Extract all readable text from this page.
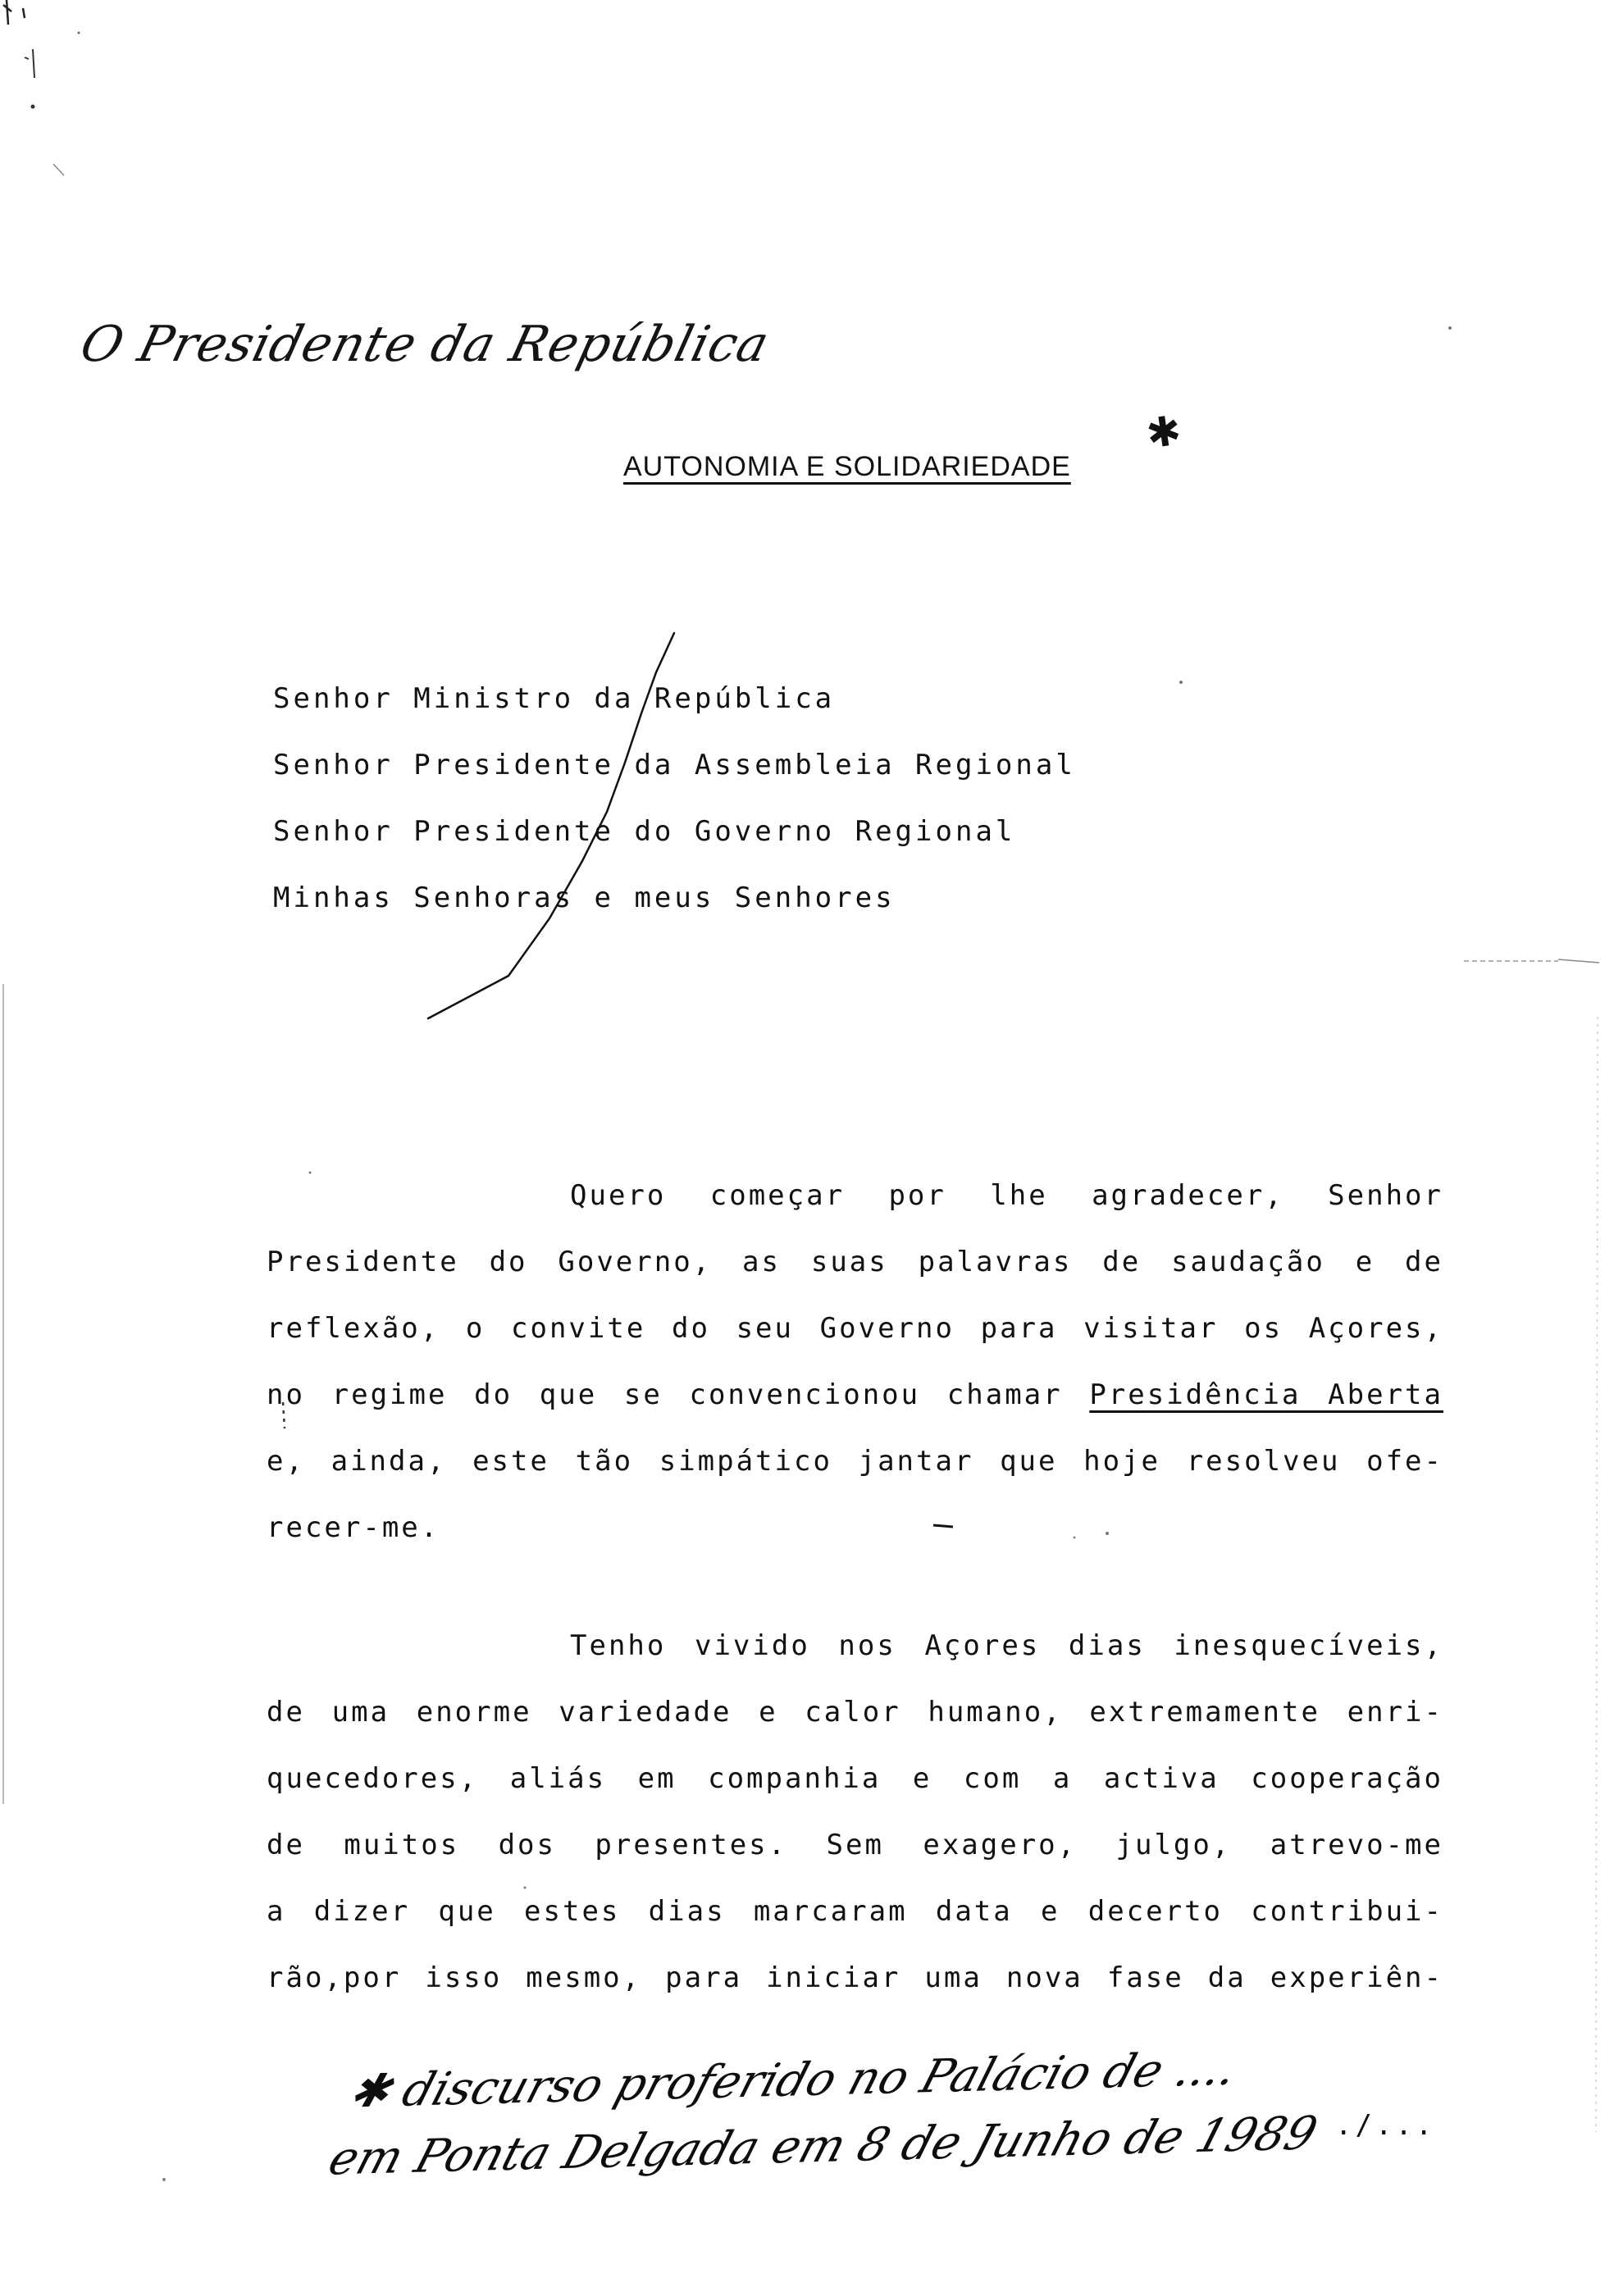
O Presidente da República
AUTONOMIA E SOLIDARIEDADE
✱
Senhor Ministro da República
Senhor Presidente da Assembleia Regional
Senhor Presidente do Governo Regional
Minhas Senhoras e meus Senhores
Quero começar por lhe agradecer, Senhor
Presidente do Governo, as suas palavras de saudação e de
reflexão, o convite do seu Governo para visitar os Açores,
no regime do que se convencionou chamar Presidência Aberta
e, ainda, este tão simpático jantar que hoje resolveu ofe-
recer-me.
Tenho vivido nos Açores dias inesquecíveis,
de uma enorme variedade e calor humano, extremamente enri-
quecedores, aliás em companhia e com a activa cooperação
de muitos dos presentes. Sem exagero, julgo, atrevo-me
a dizer que estes dias marcaram data e decerto contribui-
rão,por isso mesmo, para iniciar uma nova fase da experiên-
✱ discurso proferido no Palácio de ....
em Ponta Delgada em 8 de Junho de 1989 ./...
